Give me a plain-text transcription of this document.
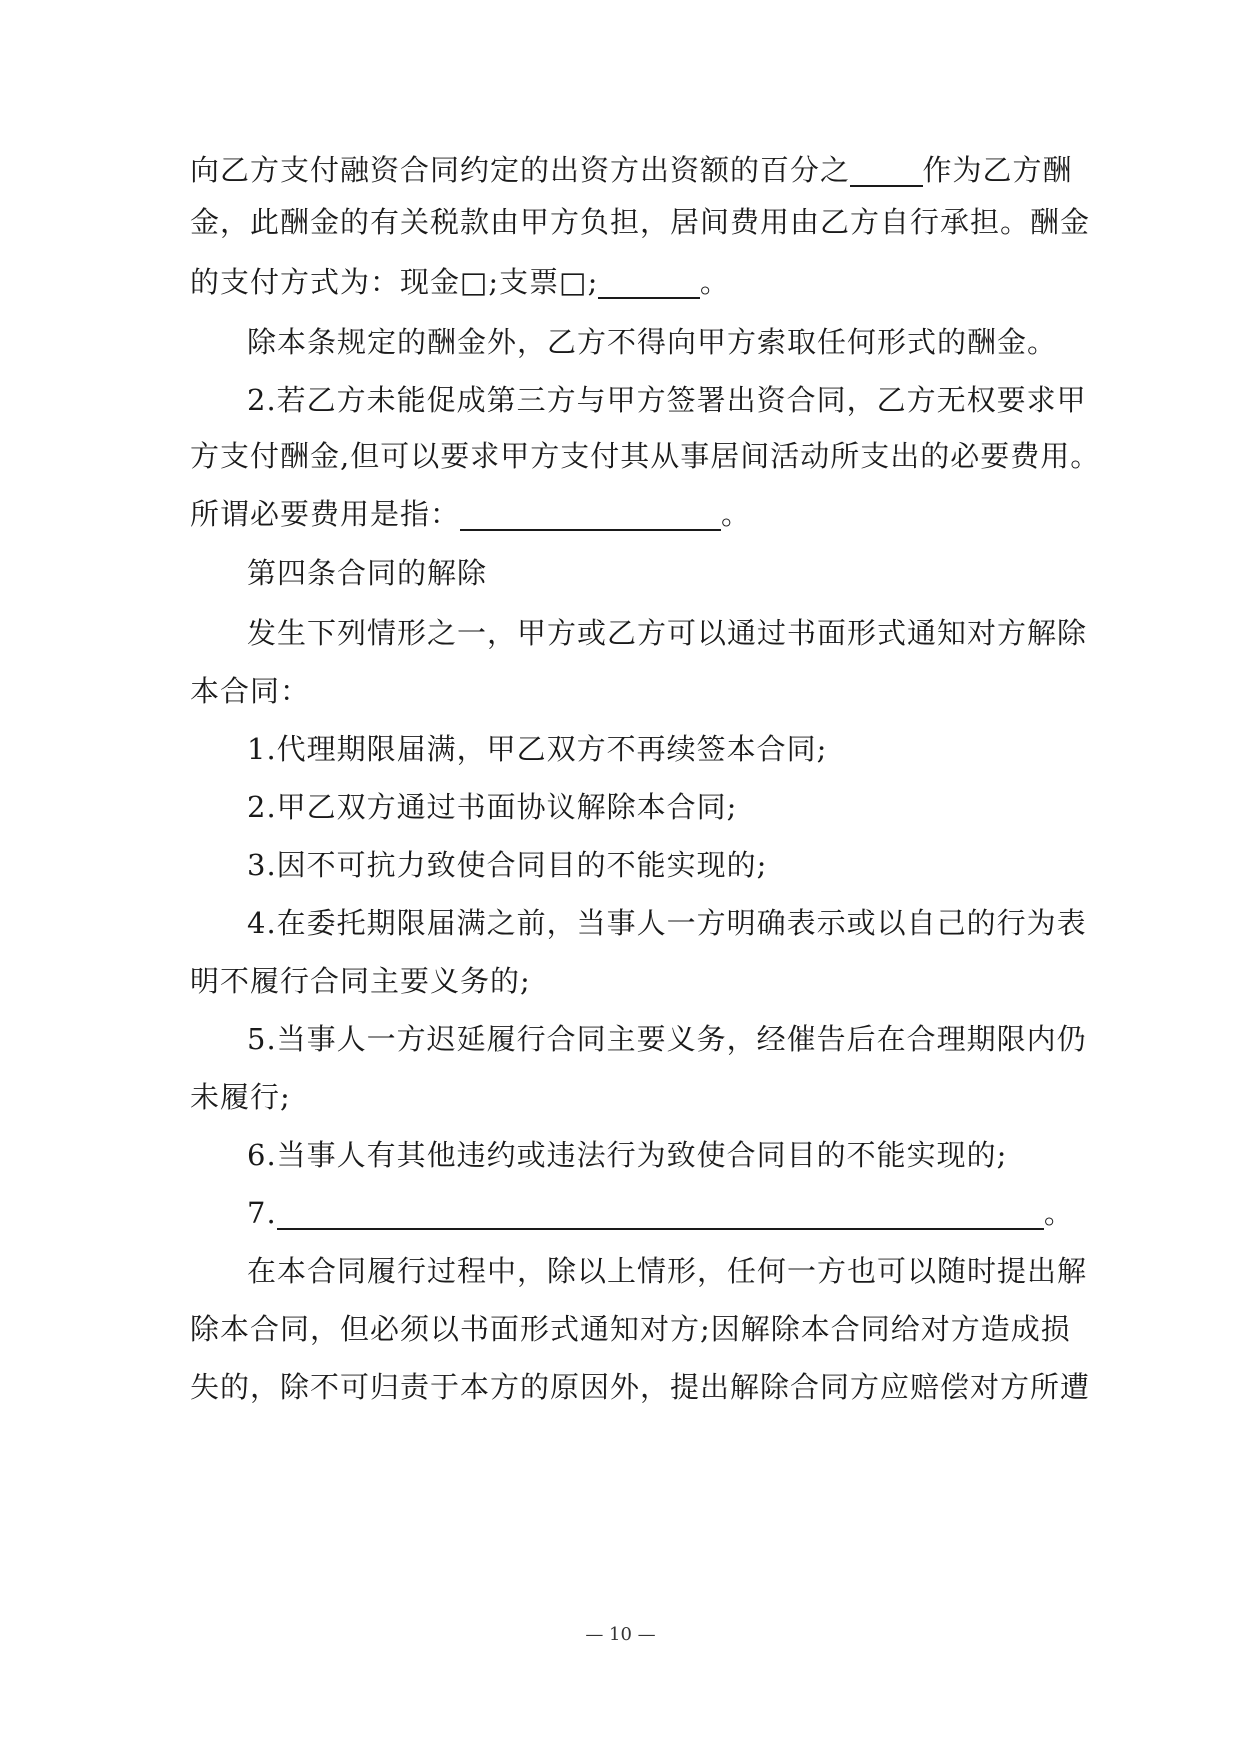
向乙方支付融资合同约定的出资方出资额的百分之	作为乙方酬
金，此酬金的有关税款由甲方负担，居间费用由乙方自行承担。酬金
的支付方式为：现金□;支票□;	。
除本条规定的酬金外，乙方不得向甲方索取任何形式的酬金。
2.若乙方未能促成第三方与甲方签署出资合同，乙方无权要求甲
方支付酬金,但可以要求甲方支付其从事居间活动所支出的必要费用。
所谓必要费用是指：	。
第四条合同的解除
发生下列情形之一，甲方或乙方可以通过书面形式通知对方解除
本合同：
1.代理期限届满，甲乙双方不再续签本合同;
2.甲乙双方通过书面协议解除本合同;
3.因不可抗力致使合同目的不能实现的;
4.在委托期限届满之前，当事人一方明确表示或以自己的行为表
明不履行合同主要义务的;
5.当事人一方迟延履行合同主要义务，经催告后在合理期限内仍
未履行;
6.当事人有其他违约或违法行为致使合同目的不能实现的;
7.	。
在本合同履行过程中，除以上情形，任何一方也可以随时提出解
除本合同，但必须以书面形式通知对方;因解除本合同给对方造成损
失的，除不可归责于本方的原因外，提出解除合同方应赔偿对方所遭
— 10 —
